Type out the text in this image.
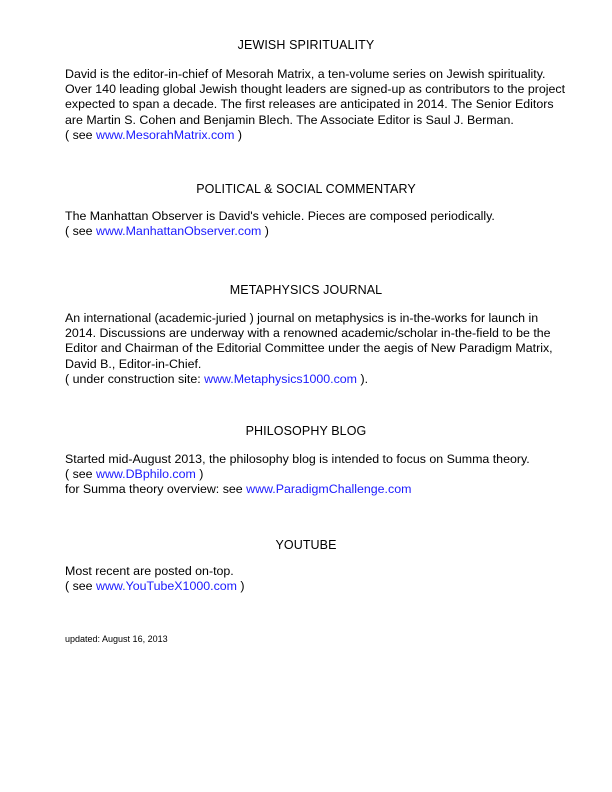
JEWISH SPIRITUALITY
David is the editor-in-chief of Mesorah Matrix, a ten-volume series on Jewish spirituality.
Over 140 leading global Jewish thought leaders are signed-up as contributors to the project
expected to span a decade. The first releases are anticipated in 2014. The Senior Editors
are Martin S. Cohen and Benjamin Blech. The Associate Editor is Saul J. Berman.
( see www.MesorahMatrix.com )
POLITICAL & SOCIAL COMMENTARY
The Manhattan Observer is David's vehicle. Pieces are composed periodically.
( see www.ManhattanObserver.com )
METAPHYSICS JOURNAL
An international (academic-juried ) journal on metaphysics is in-the-works for launch in
2014. Discussions are underway with a renowned academic/scholar in-the-field to be the
Editor and Chairman of the Editorial Committee under the aegis of New Paradigm Matrix,
David B., Editor-in-Chief.
( under construction site: www.Metaphysics1000.com ).
PHILOSOPHY BLOG
Started mid-August 2013, the philosophy blog is intended to focus on Summa theory.
( see www.DBphilo.com )
for Summa theory overview: see www.ParadigmChallenge.com
YOUTUBE
Most recent are posted on-top.
( see www.YouTubeX1000.com )
updated: August 16, 2013
